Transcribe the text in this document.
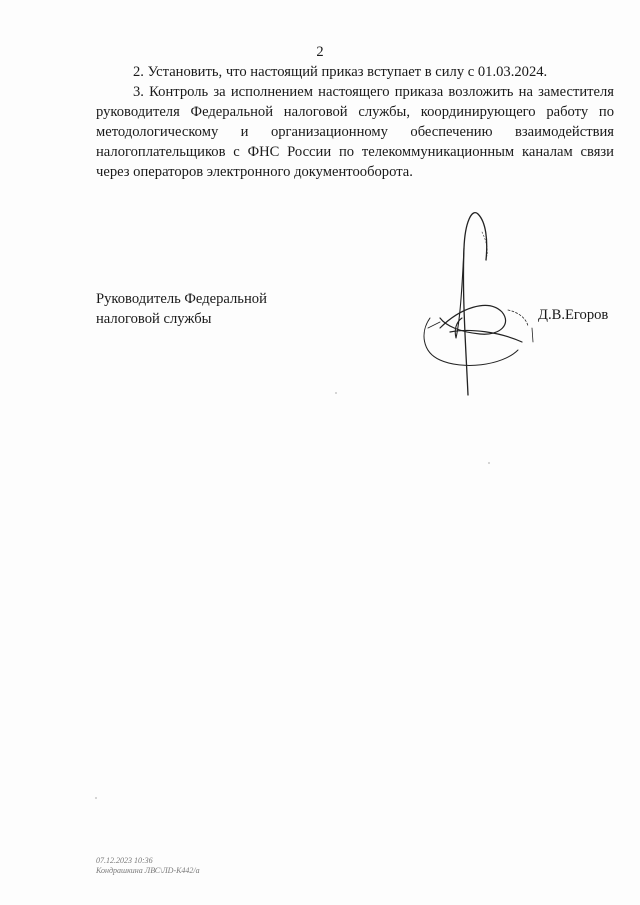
2

2. Установить, что настоящий приказ вступает в силу с 01.03.2024.

3. Контроль за исполнением настоящего приказа возложить на заместителя
руководителя Федеральной налоговой службы, координирующего работу по
методологическому и организационному обеспечению взаимодействия
налогоплательщиков с ФНС России по телекоммуникационным каналам связи
через операторов электронного документооборота.

Руководитель Федеральной
налоговой службы	Д.В.Егоров
07.12.2023 10:36
Кондрашкина ЛВС\ЛD-К442/а
